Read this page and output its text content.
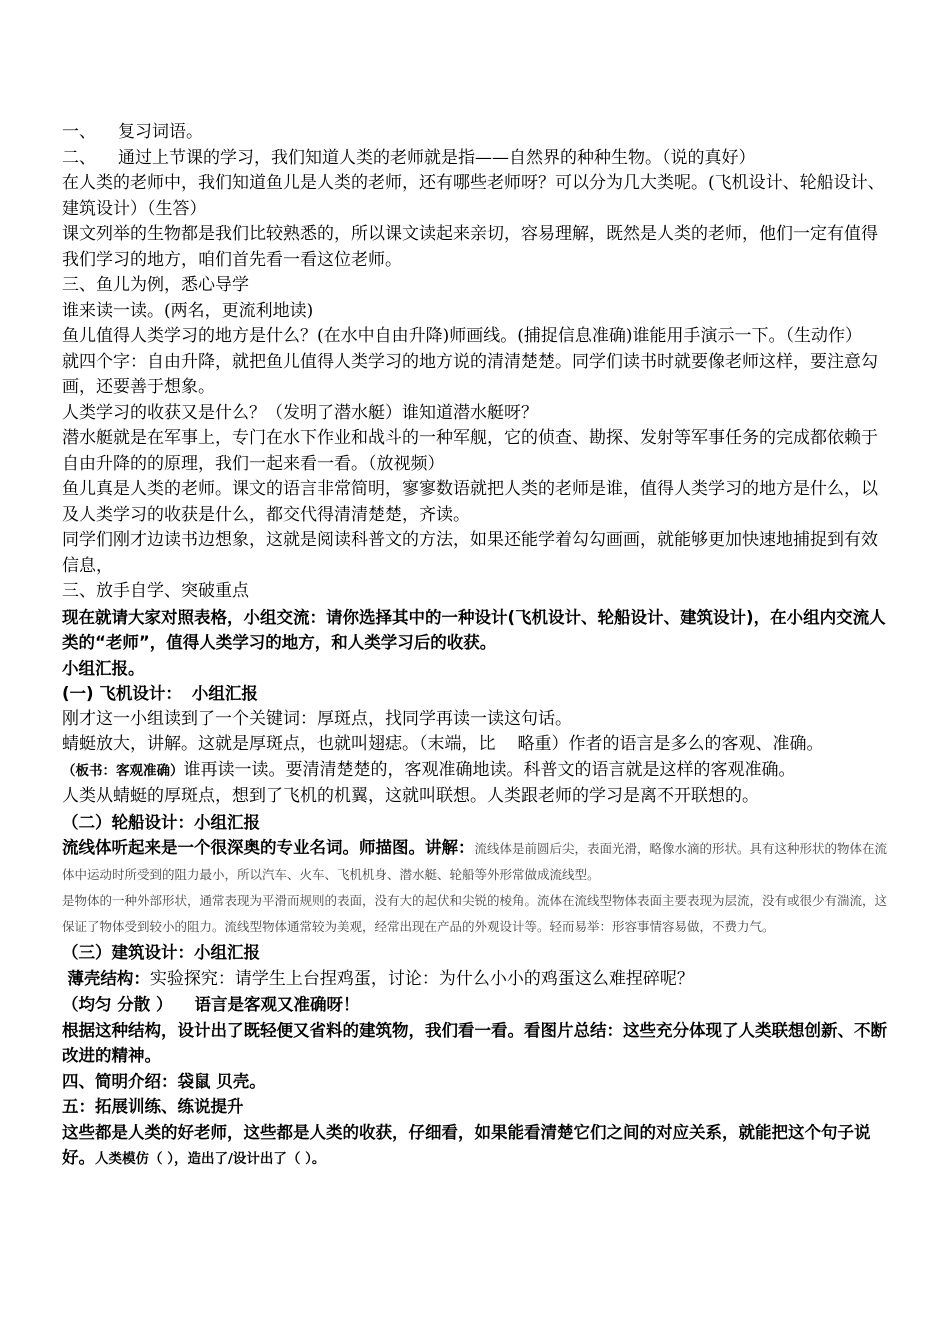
一、 复习词语。

二、 通过上节课的学习，我们知道人类的老师就是指——自然界的种种生物。（说的真好）

在人类的老师中，我们知道鱼儿是人类的老师，还有哪些老师呀？可以分为几大类呢。(飞机设计、轮船设计、建筑设计）（生答）

课文列举的生物都是我们比较熟悉的，所以课文读起来亲切，容易理解，既然是人类的老师，他们一定有值得我们学习的地方，咱们首先看一看这位老师。

三、鱼儿为例，悉心导学

谁来读一读。(两名，更流利地读)

鱼儿值得人类学习的地方是什么？(在水中自由升降)师画线。(捕捉信息准确)谁能用手演示一下。（生动作）

就四个字：自由升降，就把鱼儿值得人类学习的地方说的清清楚楚。同学们读书时就要像老师这样，要注意勾画，还要善于想象。

人类学习的收获又是什么？（发明了潜水艇）谁知道潜水艇呀？

潜水艇就是在军事上，专门在水下作业和战斗的一种军舰，它的侦查、勘探、发射等军事任务的完成都依赖于自由升降的的原理，我们一起来看一看。（放视频）

鱼儿真是人类的老师。课文的语言非常简明，寥寥数语就把人类的老师是谁，值得人类学习的地方是什么，以及人类学习的收获是什么，都交代得清清楚楚，齐读。

同学们刚才边读书边想象，这就是阅读科普文的方法，如果还能学着勾勾画画，就能够更加快速地捕捉到有效信息，

三、放手自学、突破重点

现在就请大家对照表格，小组交流：请你选择其中的一种设计(飞机设计、轮船设计、建筑设计)，在小组内交流人类的“老师”，值得人类学习的地方，和人类学习后的收获。

小组汇报。

(一) 飞机设计： 小组汇报

刚才这一小组读到了一个关键词：厚斑点，找同学再读一读这句话。

蜻蜓放大，讲解。这就是厚斑点，也就叫翅痣。（末端，比 略重）作者的语言是多么的客观、准确。

（板书：客观准确）谁再读一读。要清清楚楚的，客观准确地读。科普文的语言就是这样的客观准确。

人类从蜻蜓的厚斑点，想到了飞机的机翼，这就叫联想。人类跟老师的学习是离不开联想的。

（二）轮船设计：小组汇报

流线体听起来是一个很深奥的专业名词。师描图。讲解：流线体是前圆后尖，表面光滑，略像水滴的形状。具有这种形状的物体在流体中运动时所受到的阻力最小，所以汽车、火车、飞机机身、潜水艇、轮船等外形常做成流线型。

是物体的一种外部形状，通常表现为平滑而规则的表面，没有大的起伏和尖锐的棱角。流体在流线型物体表面主要表现为层流，没有或很少有湍流，这保证了物体受到较小的阻力。流线型物体通常较为美观，经常出现在产品的外观设计等。轻而易举：形容事情容易做，不费力气。

（三）建筑设计：小组汇报

薄壳结构：实验探究：请学生上台捏鸡蛋，讨论：为什么小小的鸡蛋这么难捏碎呢？

（均匀 分散 ） 语言是客观又准确呀！

根据这种结构，设计出了既轻便又省料的建筑物，我们看一看。看图片总结：这些充分体现了人类联想创新、不断改进的精神。

四、简明介绍：袋鼠 贝壳。

五：拓展训练、练说提升

这些都是人类的好老师，这些都是人类的收获，仔细看，如果能看清楚它们之间的对应关系，就能把这个句子说好。人类模仿（ ），造出了/设计出了（ ）。
